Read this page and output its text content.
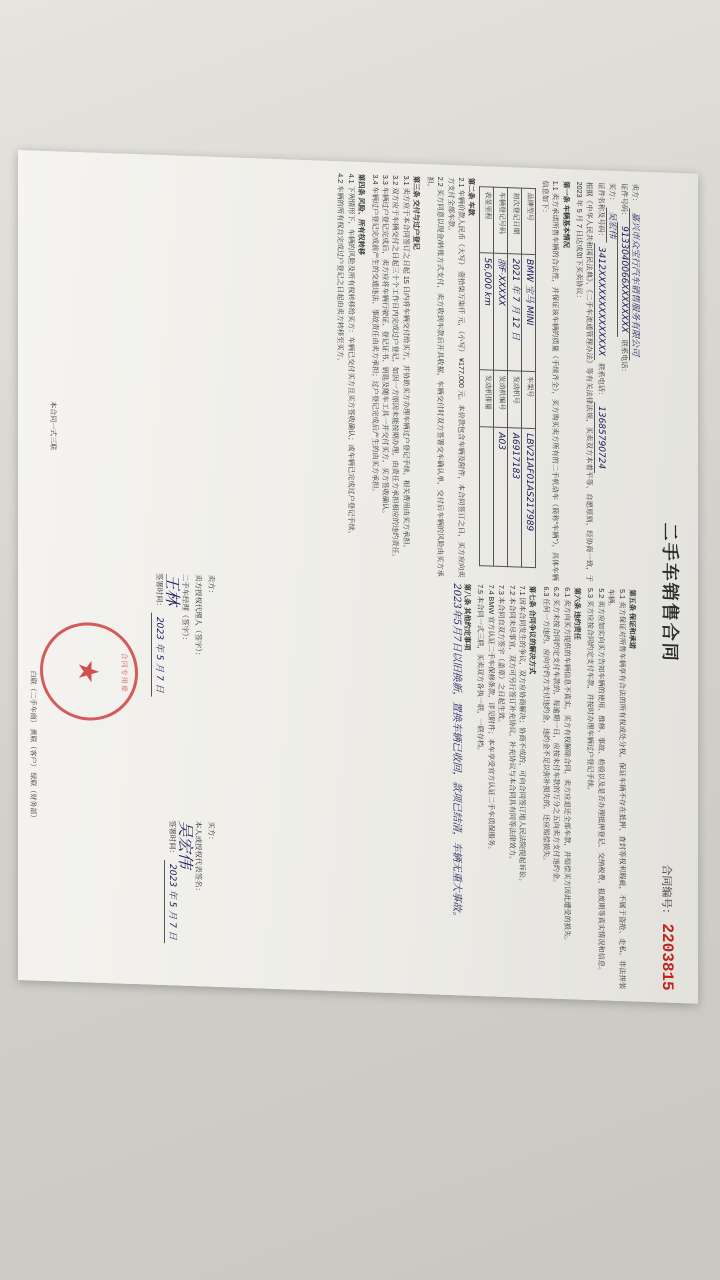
二手车销售合同
合同编号：2203815
卖方：
嘉兴市众宝行汽车销售服务有限公司
证件号码：
9133040066XXXXXXXX
联系电话：
买方：
吴宏伟
证件名称及号码：
3412XXXXXXXXXXXXXX
联系电话：
13685790724
根据《中华人民共和国民法典》、《二手车流通管理办法》等有关法律法规，买卖双方本着平等、自愿原则，经协商一致，于 2023 年 5 月 7 日达成如下买卖协议：
第一条 车辆基本情况
1.1 卖方承诺所售车辆的合法性，并保证该车辆的质量（手续齐全），买方购买卖方所有的二手机动车（简称“车辆”），具体车辆信息如下：
品牌型号	BMW 宝马 MINI	车架号	LBV21AF01AS217989
初次登记日期	2021 年 7 月 12 日	发动机号	A6917183
车辆登记号码	浙F·XXXXX	发动机编号	A03
表显里程	56,000 km	发动机排量	
第二条 车款
2.1 车辆价款人民币（大写） 壹拾柒万柒仟 元，（小写） ¥177,000 元。本价款包含车辆及附件，本合同签订之日，买方应向卖方支付全部车款。
2.2 买方同意以现金/转账方式支付，卖方收到车款后开具收据，车辆交付时双方签署交车确认单，交付后车辆的风险由买方承担。
第三条 交付与过户登记
3.1 卖方应于本合同签订之日起 15 日内将车辆交付给买方，并协助买方办理车辆过户登记手续，相关费用由买方承担。
3.2 双方应于车辆交付之日起三十个工作日内完成过户登记，如因一方原因未能按期办理，由责任方承担相应的违约责任。
3.3 车辆过户登记完成后，卖方应将车辆行驶证、登记证书、钥匙及随车工具一并交付买方，买方签收确认。
3.4 车辆过户登记完成前产生的交通违法、事故责任由卖方承担；过户登记完成后产生的由买方承担。
第四条 风险、所有权转移
4.1 下列情形下，车辆的风险及所有权转移给买方：车辆已交付买方且买方签收确认；或车辆已完成过户登记手续。
4.2 车辆的所有权自完成过户登记之日起由卖方转移至买方。
本合同一式三联
第五条 保证和承诺
5.1 卖方保证对所售车辆享有合法的所有权或处分权，保证车辆不存在抵押、查封等权利瑕疵，不属于盗抢、走私、非法拼装车辆。
5.2 卖方应如实向买方告知车辆的使用、维修、事故、检验以及是否办理抵押登记、交纳税费、报废期等真实情况和信息。
5.3 买方应按合同约定支付车款，并按时办理车辆过户登记手续。
第六条 违约责任
6.1 卖方向买方提供的车辆信息不真实，买方有权解除合同，卖方应退还全部车款，并赔偿买方因此遭受的损失。
6.2 买方未按合同约定支付车款的，每逾期一日，应按未付车款的万分之五向卖方支付违约金。
6.3 任何一方违约，应向守约方支付违约金，违约金不足以弥补损失的，还应赔偿损失。
第七条 合同争议的解决方式
7.1 因本合同发生的争议，双方应协商解决；协商不成的，可向合同签订地人民法院提起诉讼。
7.2 本合同未尽事宜，双方可另行签订补充协议，补充协议与本合同具有同等法律效力。
7.3 本合同自双方签字（盖章）之日起生效。
7.4 BMW 官方认证二手车保修条款，详见附件；本车享受官方认证二手车质保服务。
7.5 本合同一式三联，买卖双方各执一联，一联存档。
第八条 其他约定事项
2023年5月7日以旧换新，置换车辆已收回，款项已结清，车辆无重大事故。
卖方：
卖方授权代理人（签字）：
二手车经理（签字）：
王林
签署时间：
2023 年 5 月 7 日
买方：
本人或授权代表签名：
吴宏伟
签署时间：
2023 年 5 月 7 日
合同专用章
★
白联（二手车商） 黄联（客户） 绿联（财务部）
